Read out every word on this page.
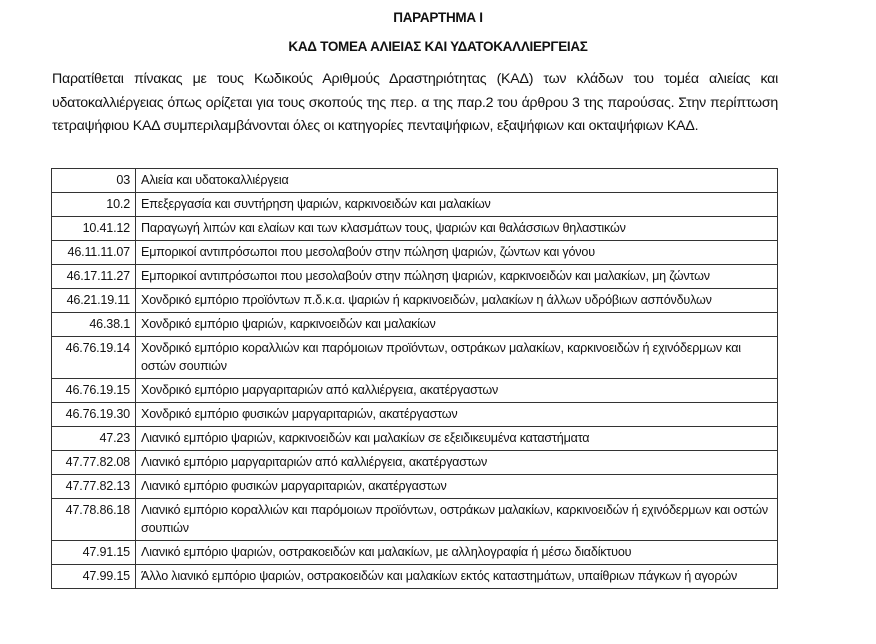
ΠΑΡΑΡΤΗΜΑ Ι
ΚΑΔ ΤΟΜΕΑ ΑΛΙΕΙΑΣ ΚΑΙ ΥΔΑΤΟΚΑΛΛΙΕΡΓΕΙΑΣ

Παρατίθεται πίνακας με τους Κωδικούς Αριθμούς Δραστηριότητας (ΚΑΔ) των κλάδων του τομέα αλιείας και υδατοκαλλιέργειας όπως ορίζεται για τους σκοπούς της περ. α της παρ.2 του άρθρου 3 της παρούσας. Στην περίπτωση τετραψήφιου ΚΑΔ συμπεριλαμβάνονται όλες οι κατηγορίες πενταψήφιων, εξαψήφιων και οκταψήφιων ΚΑΔ.

03	Αλιεία και υδατοκαλλιέργεια
10.2	Επεξεργασία και συντήρηση ψαριών, καρκινοειδών και μαλακίων
10.41.12	Παραγωγή λιπών και ελαίων και των κλασμάτων τους, ψαριών και θαλάσσιων θηλαστικών
46.11.11.07	Εμπορικοί αντιπρόσωποι που μεσολαβούν στην πώληση ψαριών, ζώντων και γόνου
46.17.11.27	Εμπορικοί αντιπρόσωποι που μεσολαβούν στην πώληση ψαριών, καρκινοειδών και μαλακίων, μη ζώντων
46.21.19.11	Χονδρικό εμπόριο προϊόντων π.δ.κ.α. ψαριών ή καρκινοειδών, μαλακίων η άλλων υδρόβιων ασπόνδυλων
46.38.1	Χονδρικό εμπόριο ψαριών, καρκινοειδών και μαλακίων
46.76.19.14	Χονδρικό εμπόριο κοραλλιών και παρόμοιων προϊόντων, οστράκων μαλακίων, καρκινοειδών ή εχινόδερμων και οστών σουπιών
46.76.19.15	Χονδρικό εμπόριο μαργαριταριών από καλλιέργεια, ακατέργαστων
46.76.19.30	Χονδρικό εμπόριο φυσικών μαργαριταριών, ακατέργαστων
47.23	Λιανικό εμπόριο ψαριών, καρκινοειδών και μαλακίων σε εξειδικευμένα καταστήματα
47.77.82.08	Λιανικό εμπόριο μαργαριταριών από καλλιέργεια, ακατέργαστων
47.77.82.13	Λιανικό εμπόριο φυσικών μαργαριταριών, ακατέργαστων
47.78.86.18	Λιανικό εμπόριο κοραλλιών και παρόμοιων προϊόντων, οστράκων μαλακίων, καρκινοειδών ή εχινόδερμων και οστών σουπιών
47.91.15	Λιανικό εμπόριο ψαριών, οστρακοειδών και μαλακίων, με αλληλογραφία ή μέσω διαδίκτυου
47.99.15	Άλλο λιανικό εμπόριο ψαριών, οστρακοειδών και μαλακίων εκτός καταστημάτων, υπαίθριων πάγκων ή αγορών
